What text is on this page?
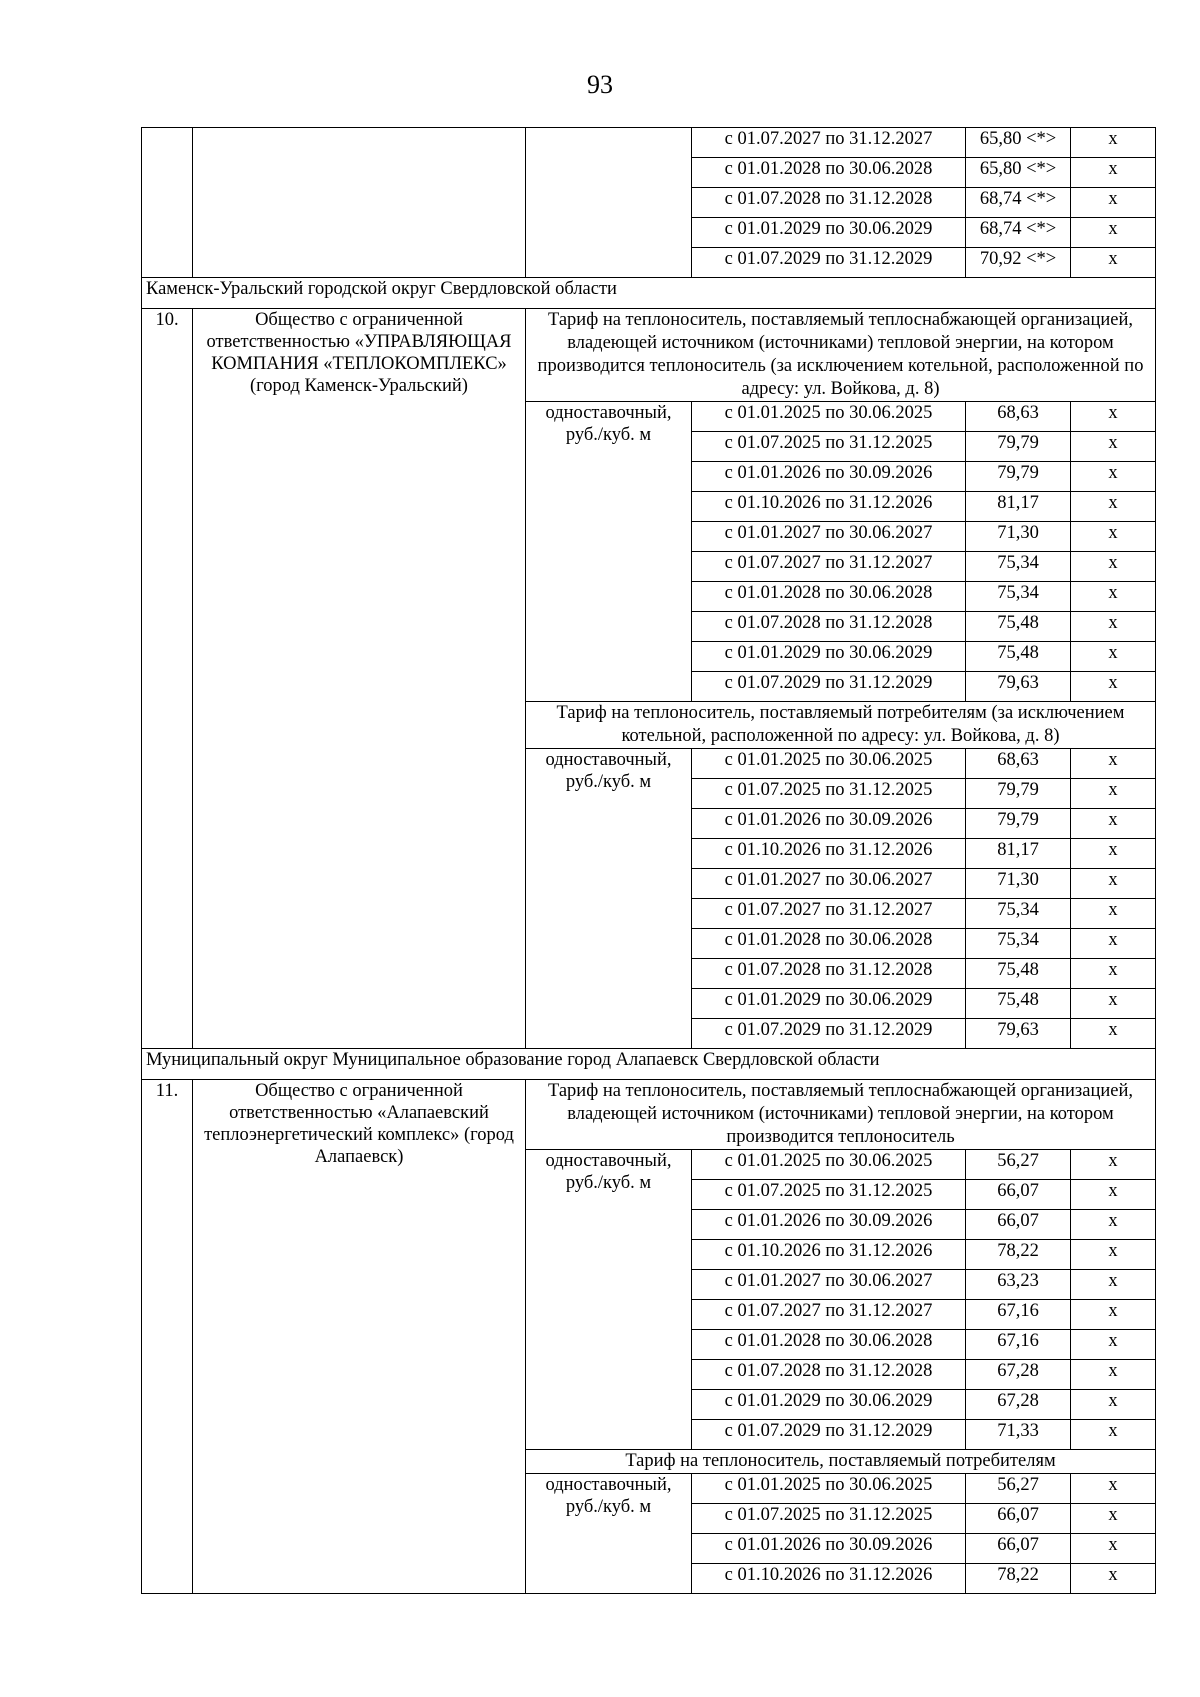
93
			с 01.07.2027 по 31.12.2027	65,80 <*>	х
			с 01.01.2028 по 30.06.2028	65,80 <*>	х
			с 01.07.2028 по 31.12.2028	68,74 <*>	х
			с 01.01.2029 по 30.06.2029	68,74 <*>	х
			с 01.07.2029 по 31.12.2029	70,92 <*>	х
Каменск-Уральский городской округ Свердловской области					
10.	Общество с ограниченной ответственностью «УПРАВЛЯЮЩАЯ КОМПАНИЯ «ТЕПЛОКОМПЛЕКС» (город Каменск-Уральский)	Тариф на теплоноситель, поставляемый теплоснабжающей организацией, владеющей источником (источниками) тепловой энергии, на котором производится теплоноситель (за исключением котельной, расположенной по адресу: ул. Войкова, д. 8)			
		одноставочный, руб./куб. м	с 01.01.2025 по 30.06.2025	68,63	х
			с 01.07.2025 по 31.12.2025	79,79	х
			с 01.01.2026 по 30.09.2026	79,79	х
			с 01.10.2026 по 31.12.2026	81,17	х
			с 01.01.2027 по 30.06.2027	71,30	х
			с 01.07.2027 по 31.12.2027	75,34	х
			с 01.01.2028 по 30.06.2028	75,34	х
			с 01.07.2028 по 31.12.2028	75,48	х
			с 01.01.2029 по 30.06.2029	75,48	х
			с 01.07.2029 по 31.12.2029	79,63	х
		Тариф на теплоноситель, поставляемый потребителям (за исключением котельной, расположенной по адресу: ул. Войкова, д. 8)			
		одноставочный, руб./куб. м	с 01.01.2025 по 30.06.2025	68,63	х
			с 01.07.2025 по 31.12.2025	79,79	х
			с 01.01.2026 по 30.09.2026	79,79	х
			с 01.10.2026 по 31.12.2026	81,17	х
			с 01.01.2027 по 30.06.2027	71,30	х
			с 01.07.2027 по 31.12.2027	75,34	х
			с 01.01.2028 по 30.06.2028	75,34	х
			с 01.07.2028 по 31.12.2028	75,48	х
			с 01.01.2029 по 30.06.2029	75,48	х
			с 01.07.2029 по 31.12.2029	79,63	х
Муниципальный округ Муниципальное образование город Алапаевск Свердловской области					
11.	Общество с ограниченной ответственностью «Алапаевский теплоэнергетический комплекс» (город Алапаевск)	Тариф на теплоноситель, поставляемый теплоснабжающей организацией, владеющей источником (источниками) тепловой энергии, на котором производится теплоноситель			
		одноставочный, руб./куб. м	с 01.01.2025 по 30.06.2025	56,27	х
			с 01.07.2025 по 31.12.2025	66,07	х
			с 01.01.2026 по 30.09.2026	66,07	х
			с 01.10.2026 по 31.12.2026	78,22	х
			с 01.01.2027 по 30.06.2027	63,23	х
			с 01.07.2027 по 31.12.2027	67,16	х
			с 01.01.2028 по 30.06.2028	67,16	х
			с 01.07.2028 по 31.12.2028	67,28	х
			с 01.01.2029 по 30.06.2029	67,28	х
			с 01.07.2029 по 31.12.2029	71,33	х
		Тариф на теплоноситель, поставляемый потребителям			
		одноставочный, руб./куб. м	с 01.01.2025 по 30.06.2025	56,27	х
			с 01.07.2025 по 31.12.2025	66,07	х
			с 01.01.2026 по 30.09.2026	66,07	х
			с 01.10.2026 по 31.12.2026	78,22	х
